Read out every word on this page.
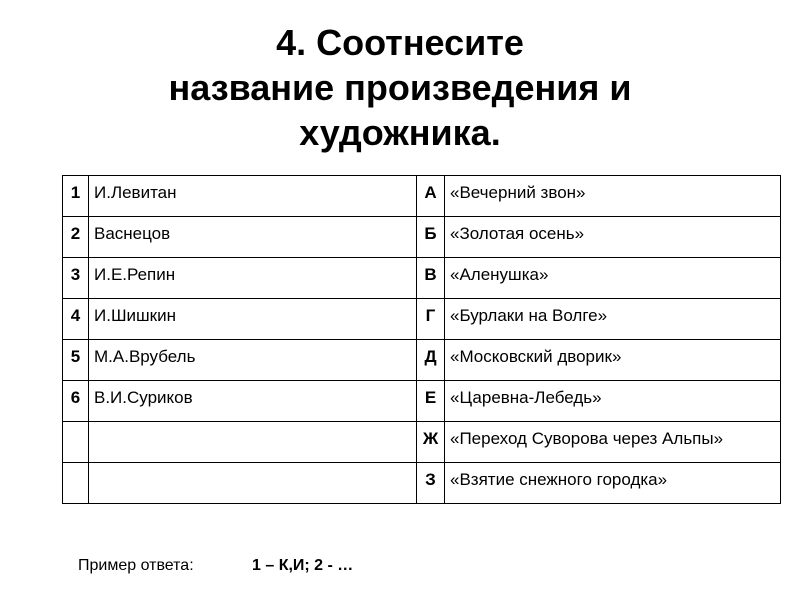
4. Соотнесите
название произведения и
художника.
1	И.Левитан	А	«Вечерний звон»
2	Васнецов	Б	«Золотая осень»
3	И.Е.Репин	В	«Аленушка»
4	И.Шишкин	Г	«Бурлаки на Волге»
5	М.А.Врубель	Д	«Московский дворик»
6	В.И.Суриков	Е	«Царевна-Лебедь»
		Ж	«Переход Суворова через Альпы»
		З	«Взятие снежного городка»
Пример ответа:	1 – К,И; 2 - …
